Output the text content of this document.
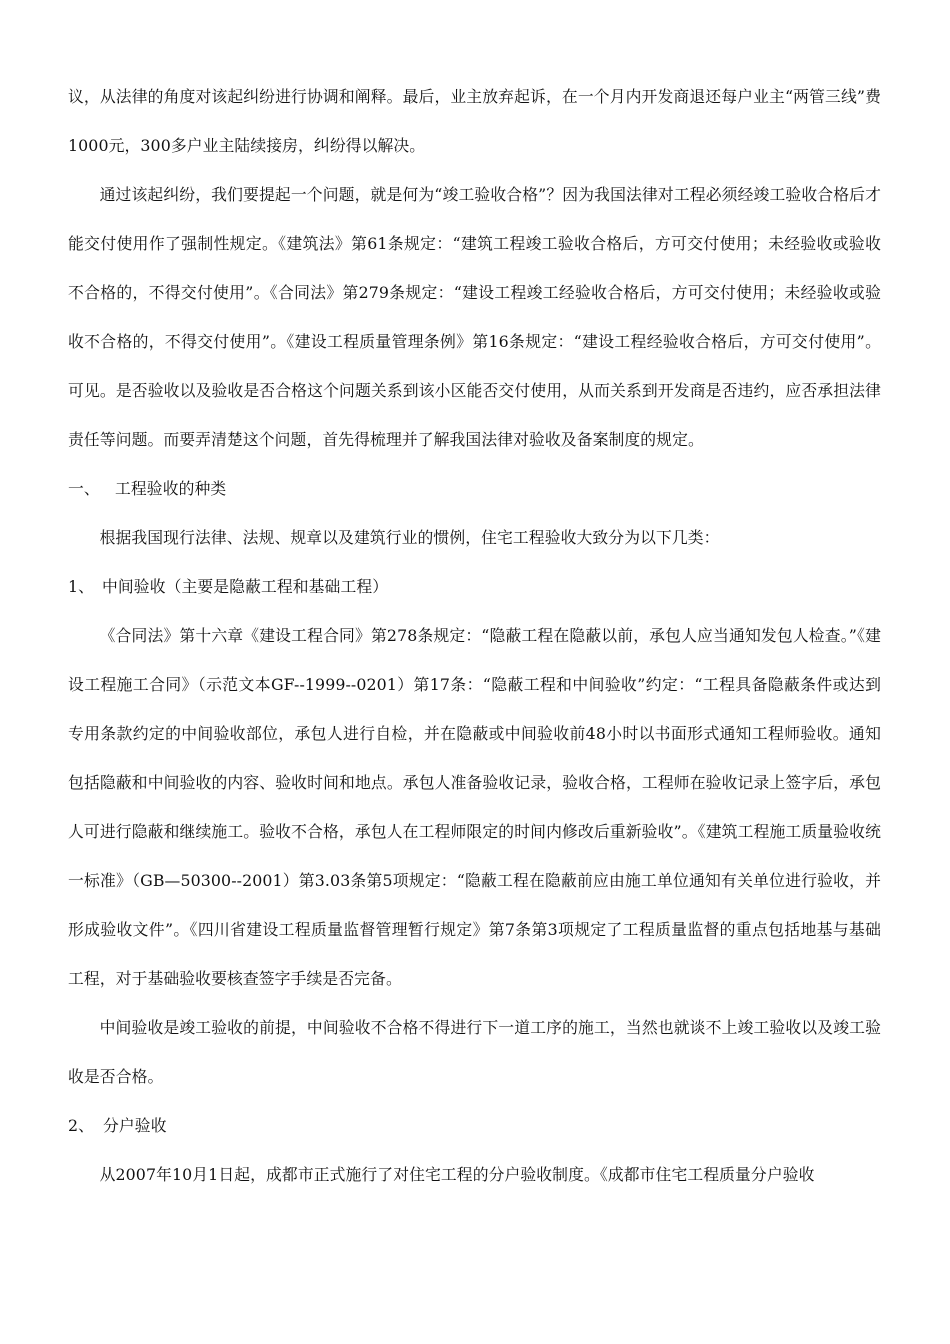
议，从法律的角度对该起纠纷进行协调和阐释。最后，业主放弃起诉，在一个月内开发商退还每户业主“两管三线”费1000元，300多户业主陆续接房，纠纷得以解决。

通过该起纠纷，我们要提起一个问题，就是何为“竣工验收合格”？因为我国法律对工程必须经竣工验收合格后才能交付使用作了强制性规定。《建筑法》第61条规定：“建筑工程竣工验收合格后，方可交付使用；未经验收或验收不合格的，不得交付使用”。《合同法》第279条规定：“建设工程竣工经验收合格后，方可交付使用；未经验收或验收不合格的，不得交付使用”。《建设工程质量管理条例》第16条规定：“建设工程经验收合格后，方可交付使用”。可见。是否验收以及验收是否合格这个问题关系到该小区能否交付使用，从而关系到开发商是否违约，应否承担法律责任等问题。而要弄清楚这个问题，首先得梳理并了解我国法律对验收及备案制度的规定。

一、 工程验收的种类

根据我国现行法律、法规、规章以及建筑行业的惯例，住宅工程验收大致分为以下几类：

1、 中间验收（主要是隐蔽工程和基础工程）

《合同法》第十六章《建设工程合同》第278条规定：“隐蔽工程在隐蔽以前，承包人应当通知发包人检查。”《建设工程施工合同》（示范文本GF--1999--0201）第17条：“隐蔽工程和中间验收”约定：“工程具备隐蔽条件或达到专用条款约定的中间验收部位，承包人进行自检，并在隐蔽或中间验收前48小时以书面形式通知工程师验收。通知包括隐蔽和中间验收的内容、验收时间和地点。承包人准备验收记录，验收合格，工程师在验收记录上签字后，承包人可进行隐蔽和继续施工。验收不合格，承包人在工程师限定的时间内修改后重新验收”。《建筑工程施工质量验收统一标准》（GB—50300--2001）第3.03条第5项规定：“隐蔽工程在隐蔽前应由施工单位通知有关单位进行验收，并形成验收文件”。《四川省建设工程质量监督管理暂行规定》第7条第3项规定了工程质量监督的重点包括地基与基础工程，对于基础验收要核查签字手续是否完备。

中间验收是竣工验收的前提，中间验收不合格不得进行下一道工序的施工，当然也就谈不上竣工验收以及竣工验收是否合格。

2、 分户验收

从2007年10月1日起，成都市正式施行了对住宅工程的分户验收制度。《成都市住宅工程质量分户验收
